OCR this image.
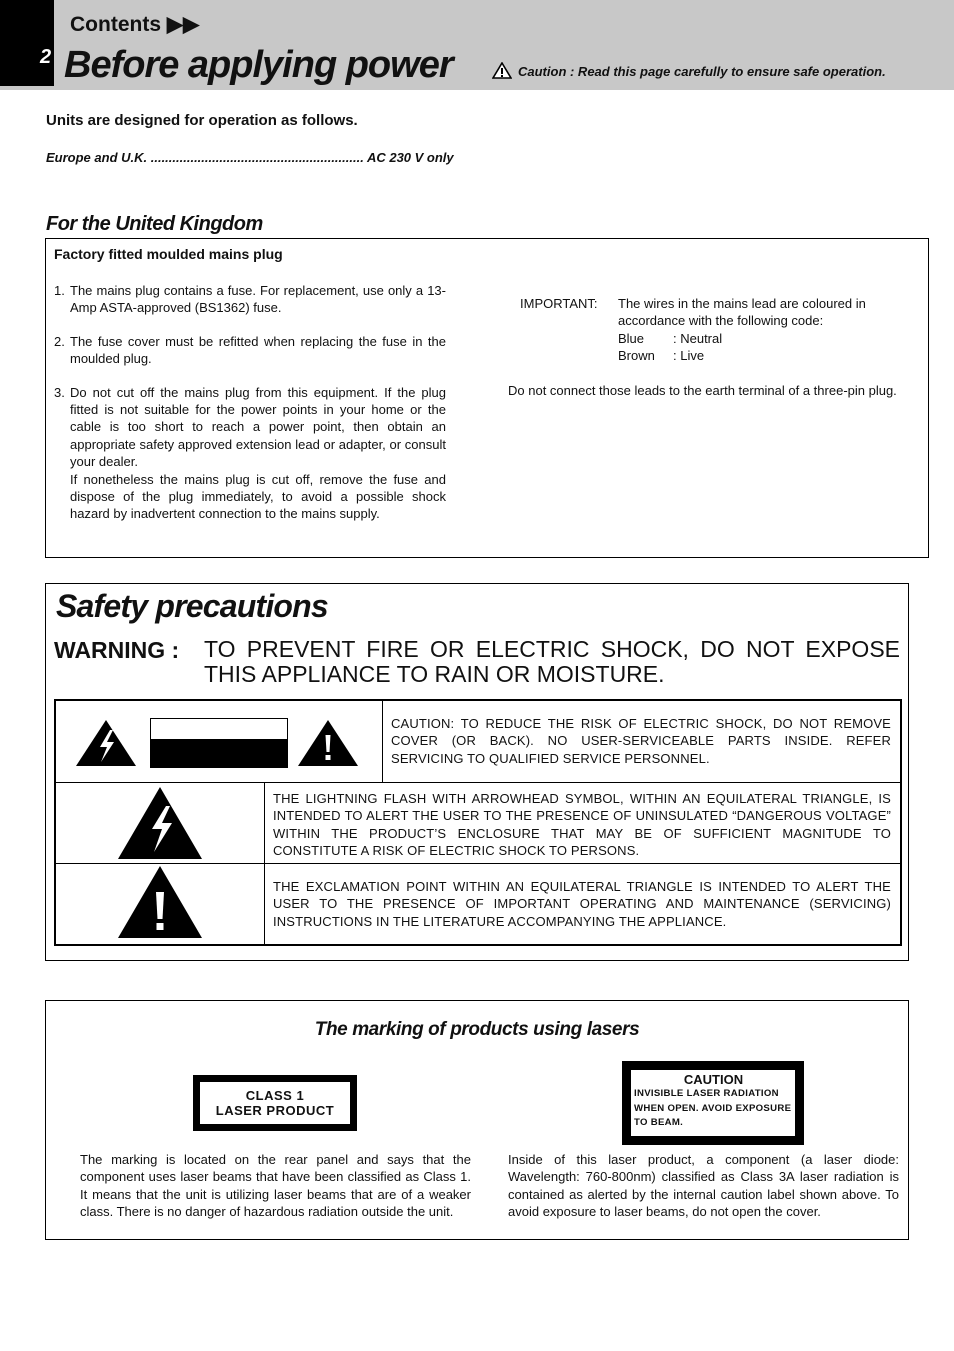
2
Contents ▶▶
Before applying power	Caution : Read this page carefully to ensure safe operation.
Units are designed for operation as follows.
Europe and U.K. ........................................................... AC 230 V only
For the United Kingdom
Factory fitted moulded mains plug
1. The mains plug contains a fuse. For replacement, use only a 13-Amp ASTA-approved (BS1362) fuse.
2. The fuse cover must be refitted when replacing the fuse in the moulded plug.
3. Do not cut off the mains plug from this equipment. If the plug fitted is not suitable for the power points in your home or the cable is too short to reach a power point, then obtain an appropriate safety approved extension lead or adapter, or consult your dealer.
If nonetheless the mains plug is cut off, remove the fuse and dispose of the plug immediately, to avoid a possible shock hazard by inadvertent connection to the mains supply.
IMPORTANT:	The wires in the mains lead are coloured in accordance with the following code:
Blue : Neutral
Brown : Live
Do not connect those leads to the earth terminal of a three-pin plug.
Safety precautions
WARNING : TO PREVENT FIRE OR ELECTRIC SHOCK, DO NOT EXPOSE THIS APPLIANCE TO RAIN OR MOISTURE.
CAUTION: TO REDUCE THE RISK OF ELECTRIC SHOCK, DO NOT REMOVE COVER (OR BACK). NO USER-SERVICEABLE PARTS INSIDE. REFER SERVICING TO QUALIFIED SERVICE PERSONNEL.
THE LIGHTNING FLASH WITH ARROWHEAD SYMBOL, WITHIN AN EQUILATERAL TRIANGLE, IS INTENDED TO ALERT THE USER TO THE PRESENCE OF UNINSULATED “DANGEROUS VOLTAGE” WITHIN THE PRODUCT’S ENCLOSURE THAT MAY BE OF SUFFICIENT MAGNITUDE TO CONSTITUTE A RISK OF ELECTRIC SHOCK TO PERSONS.
THE EXCLAMATION POINT WITHIN AN EQUILATERAL TRIANGLE IS INTENDED TO ALERT THE USER TO THE PRESENCE OF IMPORTANT OPERATING AND MAINTENANCE (SERVICING) INSTRUCTIONS IN THE LITERATURE ACCOMPANYING THE APPLIANCE.
The marking of products using lasers
CLASS 1
LASER PRODUCT
CAUTION
INVISIBLE LASER RADIATION
WHEN OPEN. AVOID EXPOSURE
TO BEAM.
The marking is located on the rear panel and says that the component uses laser beams that have been classified as Class 1. It means that the unit is utilizing laser beams that are of a weaker class. There is no danger of hazardous radiation outside the unit.
Inside of this laser product, a component (a laser diode: Wavelength: 760-800nm) classified as Class 3A laser radiation is contained as alerted by the internal caution label shown above. To avoid exposure to laser beams, do not open the cover.
